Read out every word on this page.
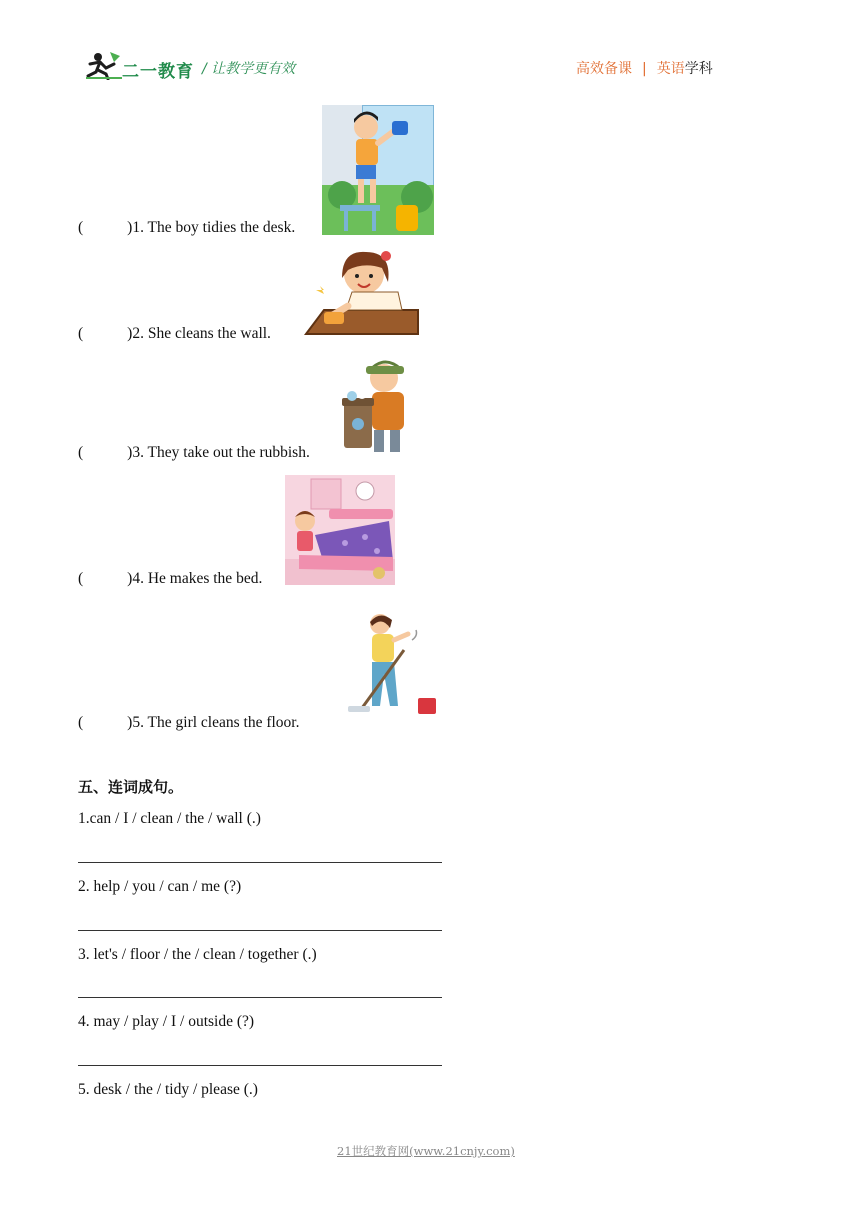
二一教育 / 让教学更有效	高效备课 | 英语学科
(	)1. The boy tidies the desk.
(	)2. She cleans the wall.
(	)3. They take out the rubbish.
(	)4. He makes the bed.
(	)5. The girl cleans the floor.
五、连词成句。
1.can / I / clean / the / wall (.)
2. help / you / can / me (?)
3. let's / floor / the / clean / together (.)
4. may / play / I / outside (?)
5. desk / the / tidy / please (.)
21世纪教育网(www.21cnjy.com)
